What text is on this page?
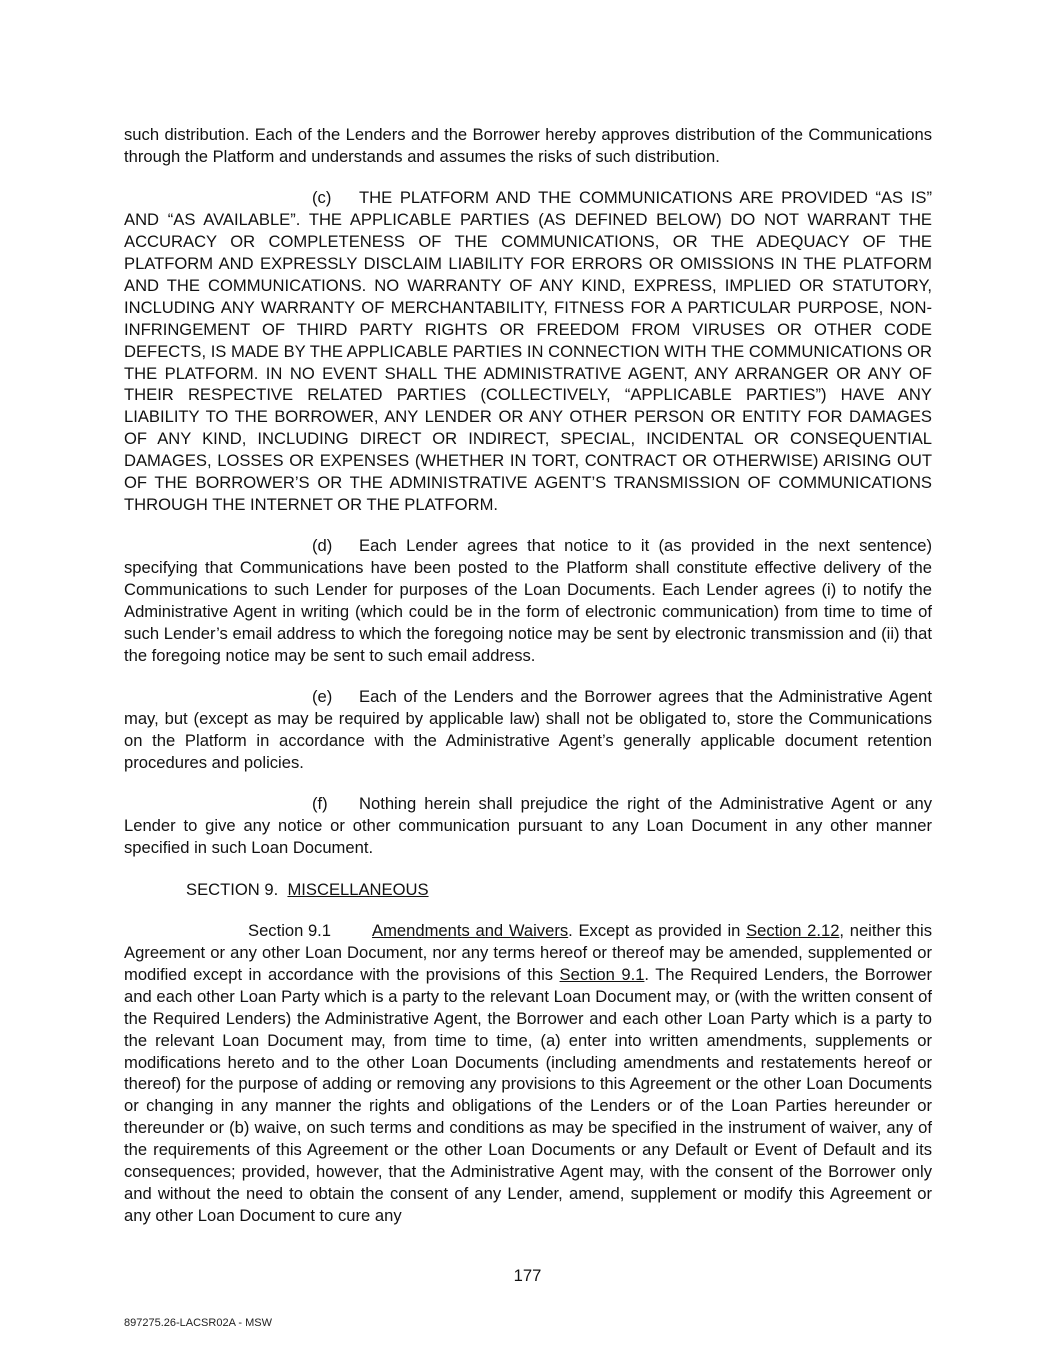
such distribution. Each of the Lenders and the Borrower hereby approves distribution of the Communications through the Platform and understands and assumes the risks of such distribution.

(c) THE PLATFORM AND THE COMMUNICATIONS ARE PROVIDED “AS IS” AND “AS AVAILABLE”. THE APPLICABLE PARTIES (AS DEFINED BELOW) DO NOT WARRANT THE ACCURACY OR COMPLETENESS OF THE COMMUNICATIONS, OR THE ADEQUACY OF THE PLATFORM AND EXPRESSLY DISCLAIM LIABILITY FOR ERRORS OR OMISSIONS IN THE PLATFORM AND THE COMMUNICATIONS. NO WARRANTY OF ANY KIND, EXPRESS, IMPLIED OR STATUTORY, INCLUDING ANY WARRANTY OF MERCHANTABILITY, FITNESS FOR A PARTICULAR PURPOSE, NON-INFRINGEMENT OF THIRD PARTY RIGHTS OR FREEDOM FROM VIRUSES OR OTHER CODE DEFECTS, IS MADE BY THE APPLICABLE PARTIES IN CONNECTION WITH THE COMMUNICATIONS OR THE PLATFORM. IN NO EVENT SHALL THE ADMINISTRATIVE AGENT, ANY ARRANGER OR ANY OF THEIR RESPECTIVE RELATED PARTIES (COLLECTIVELY, “APPLICABLE PARTIES”) HAVE ANY LIABILITY TO THE BORROWER, ANY LENDER OR ANY OTHER PERSON OR ENTITY FOR DAMAGES OF ANY KIND, INCLUDING DIRECT OR INDIRECT, SPECIAL, INCIDENTAL OR CONSEQUENTIAL DAMAGES, LOSSES OR EXPENSES (WHETHER IN TORT, CONTRACT OR OTHERWISE) ARISING OUT OF THE BORROWER’S OR THE ADMINISTRATIVE AGENT’S TRANSMISSION OF COMMUNICATIONS THROUGH THE INTERNET OR THE PLATFORM.

(d) Each Lender agrees that notice to it (as provided in the next sentence) specifying that Communications have been posted to the Platform shall constitute effective delivery of the Communications to such Lender for purposes of the Loan Documents. Each Lender agrees (i) to notify the Administrative Agent in writing (which could be in the form of electronic communication) from time to time of such Lender’s email address to which the foregoing notice may be sent by electronic transmission and (ii) that the foregoing notice may be sent to such email address.

(e) Each of the Lenders and the Borrower agrees that the Administrative Agent may, but (except as may be required by applicable law) shall not be obligated to, store the Communications on the Platform in accordance with the Administrative Agent’s generally applicable document retention procedures and policies.

(f) Nothing herein shall prejudice the right of the Administrative Agent or any Lender to give any notice or other communication pursuant to any Loan Document in any other manner specified in such Loan Document.

SECTION 9. MISCELLANEOUS

Section 9.1 Amendments and Waivers. Except as provided in Section 2.12, neither this Agreement or any other Loan Document, nor any terms hereof or thereof may be amended, supplemented or modified except in accordance with the provisions of this Section 9.1. The Required Lenders, the Borrower and each other Loan Party which is a party to the relevant Loan Document may, or (with the written consent of the Required Lenders) the Administrative Agent, the Borrower and each other Loan Party which is a party to the relevant Loan Document may, from time to time, (a) enter into written amendments, supplements or modifications hereto and to the other Loan Documents (including amendments and restatements hereof or thereof) for the purpose of adding or removing any provisions to this Agreement or the other Loan Documents or changing in any manner the rights and obligations of the Lenders or of the Loan Parties hereunder or thereunder or (b) waive, on such terms and conditions as may be specified in the instrument of waiver, any of the requirements of this Agreement or the other Loan Documents or any Default or Event of Default and its consequences; provided, however, that the Administrative Agent may, with the consent of the Borrower only and without the need to obtain the consent of any Lender, amend, supplement or modify this Agreement or any other Loan Document to cure any

177
897275.26-LACSR02A - MSW
